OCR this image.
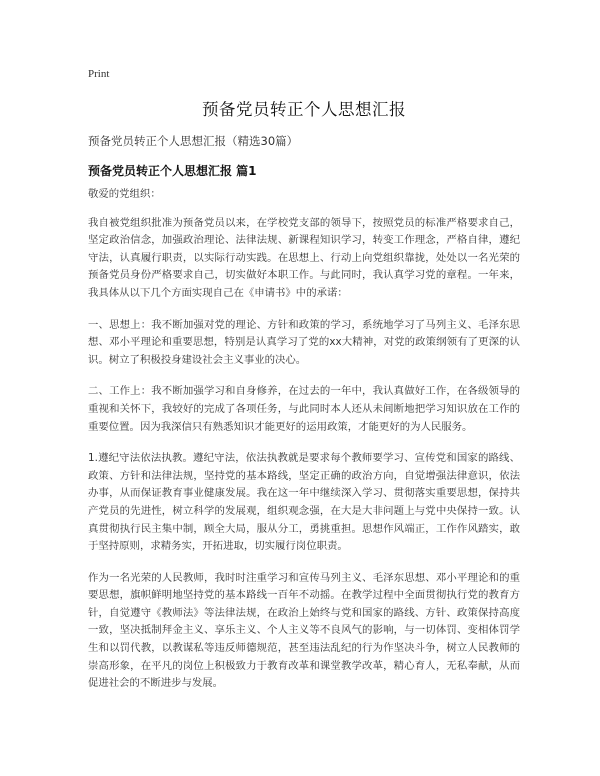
Print
预备党员转正个人思想汇报
预备党员转正个人思想汇报（精选30篇）
预备党员转正个人思想汇报 篇1

敬爱的党组织：

我自被党组织批准为预备党员以来，在学校党支部的领导下，按照党员的标准严格要求自己，坚定政治信念，加强政治理论、法律法规、新课程知识学习，转变工作理念，严格自律，遵纪守法，认真履行职责，以实际行动实践。在思想上、行动上向党组织靠拢，处处以一名光荣的预备党员身份严格要求自己，切实做好本职工作。与此同时，我认真学习党的章程。一年来，我具体从以下几个方面实现自己在《申请书》中的承诺：

一、思想上：我不断加强对党的理论、方针和政策的学习，系统地学习了马列主义、毛泽东思想、邓小平理论和重要思想，特别是认真学习了党的xx大精神，对党的政策纲领有了更深的认识。树立了积极投身建设社会主义事业的决心。

二、工作上：我不断加强学习和自身修养，在过去的一年中，我认真做好工作，在各级领导的重视和关怀下，我较好的完成了各项任务，与此同时本人还从未间断地把学习知识放在工作的重要位置。因为我深信只有熟悉知识才能更好的运用政策，才能更好的为人民服务。

1.遵纪守法依法执教。遵纪守法，依法执教就是要求每个教师要学习、宣传党和国家的路线、政策、方针和法律法规，坚持党的基本路线，坚定正确的政治方向，自觉增强法律意识，依法办事，从而保证教育事业健康发展。我在这一年中继续深入学习、贯彻落实重要思想，保持共产党员的先进性，树立科学的发展观，组织观念强，在大是大非问题上与党中央保持一致。认真贯彻执行民主集中制，顾全大局，服从分工，勇挑重担。思想作风端正，工作作风踏实，敢于坚持原则，求精务实，开拓进取，切实履行岗位职责。

作为一名光荣的人民教师，我时时注重学习和宣传马列主义、毛泽东思想、邓小平理论和的重要思想，旗帜鲜明地坚持党的基本路线一百年不动摇。在教学过程中全面贯彻执行党的教育方针，自觉遵守《教师法》等法律法规，在政治上始终与党和国家的路线、方针、政策保持高度一致，坚决抵制拜金主义、享乐主义、个人主义等不良风气的影响，与一切体罚、变相体罚学生和以罚代教，以教谋私等违反师德规范，甚至违法乱纪的行为作坚决斗争，树立人民教师的崇高形象，在平凡的岗位上积极致力于教育改革和课堂教学改革，精心育人，无私奉献，从而促进社会的不断进步与发展。
